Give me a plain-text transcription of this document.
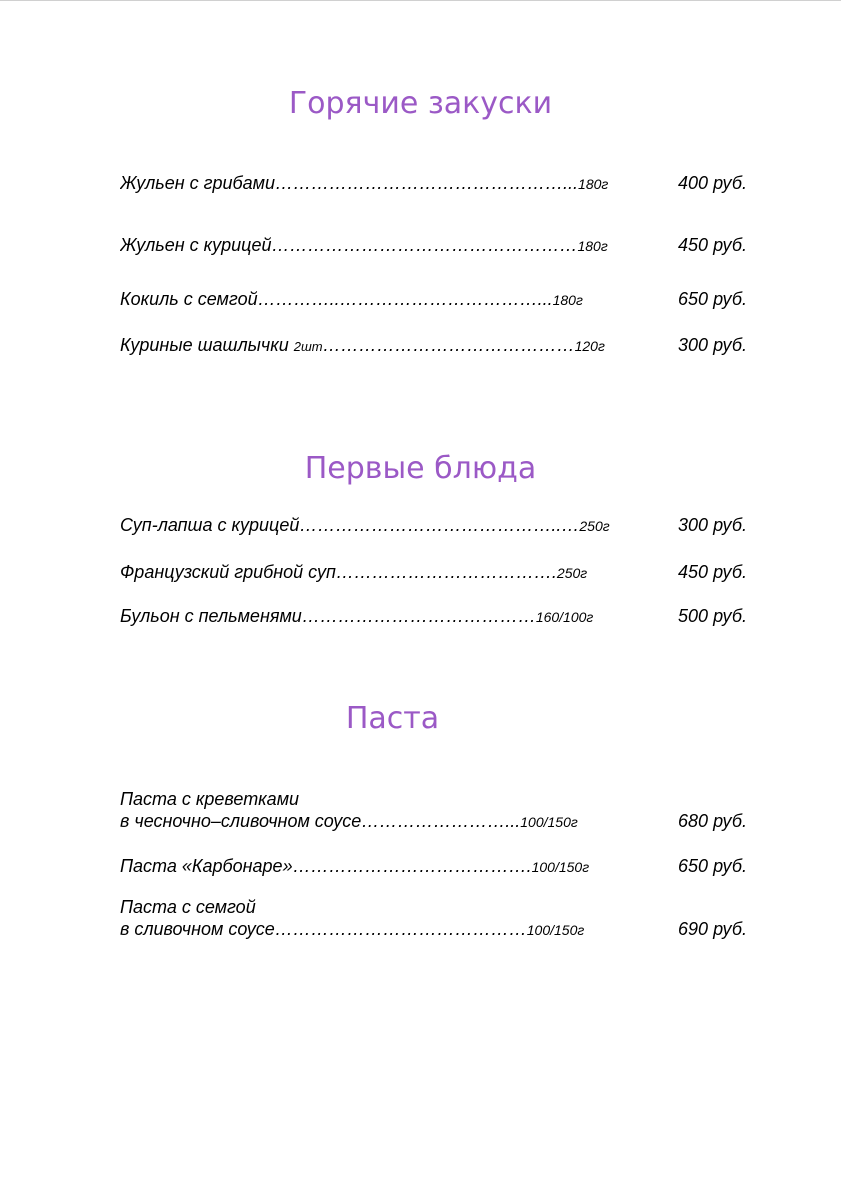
Горячие закуски
Жульен с грибами…………………………………………...180г	400 руб.
Жульен с курицей……………………………………………180г	450 руб.
Кокиль с семгой…………..……………………………...180г	650 руб.
Куриные шашлычки 2шт……………………………………120г	300 руб.
Первые блюда
Суп-лапша с курицей……………………………………..…250г	300 руб.
Французский грибной суп……………………………….250г	450 руб.
Бульон с пельменями…………………………………160/100г	500 руб.
Паста
Паста с креветками
в чесночно–сливочном соусе……………………...100/150г	680 руб.
Паста «Карбонаре»………………………………….100/150г	650 руб.
Паста с семгой
в сливочном соусе……………………………………100/150г	690 руб.
